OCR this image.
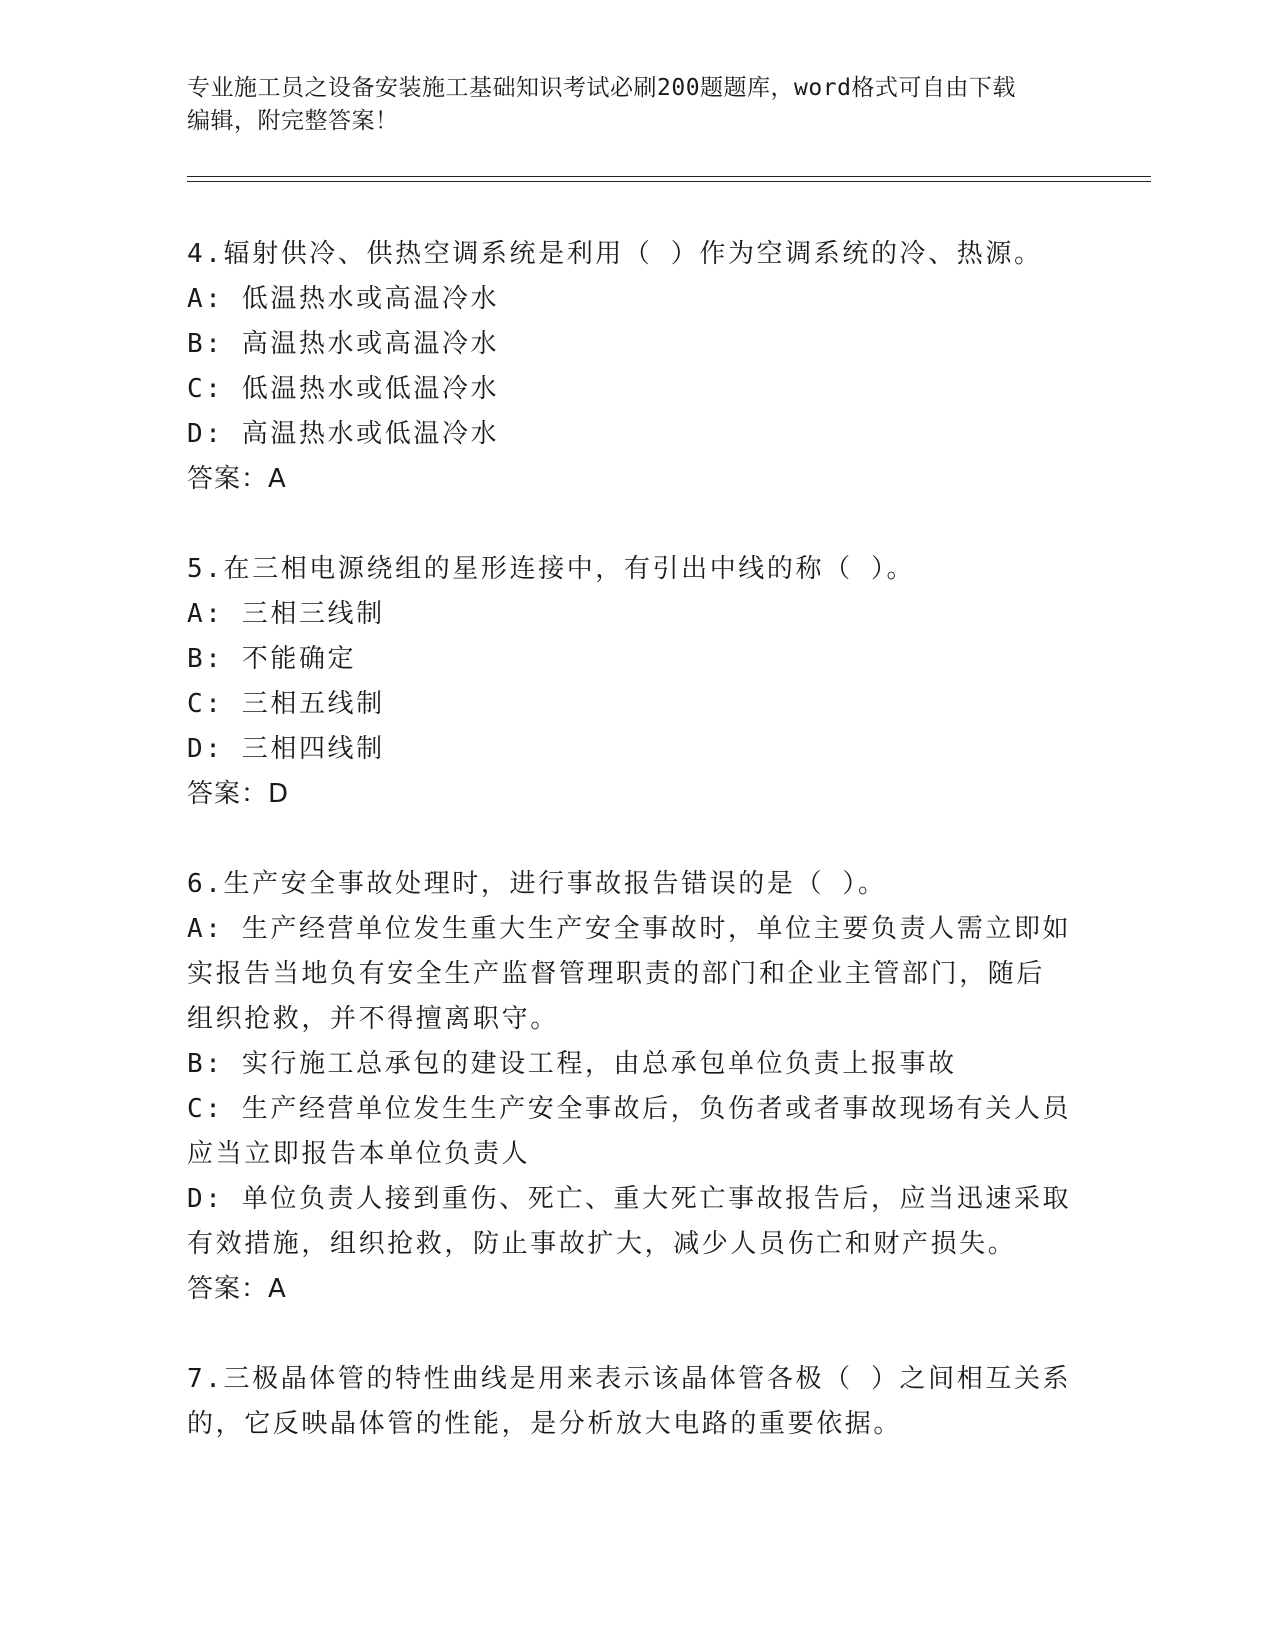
专业施工员之设备安装施工基础知识考试必刷200题题库，word格式可自由下载
编辑，附完整答案！
4.辐射供冷、供热空调系统是利用（ ）作为空调系统的冷、热源。
A: 低温热水或高温冷水
B: 高温热水或高温冷水
C: 低温热水或低温冷水
D: 高温热水或低温冷水
答案：A
5.在三相电源绕组的星形连接中，有引出中线的称（ ）。
A: 三相三线制
B: 不能确定
C: 三相五线制
D: 三相四线制
答案：D
6.生产安全事故处理时，进行事故报告错误的是（ ）。
A: 生产经营单位发生重大生产安全事故时，单位主要负责人需立即如
实报告当地负有安全生产监督管理职责的部门和企业主管部门，随后
组织抢救，并不得擅离职守。
B: 实行施工总承包的建设工程，由总承包单位负责上报事故
C: 生产经营单位发生生产安全事故后，负伤者或者事故现场有关人员
应当立即报告本单位负责人
D: 单位负责人接到重伤、死亡、重大死亡事故报告后，应当迅速采取
有效措施，组织抢救，防止事故扩大，减少人员伤亡和财产损失。
答案：A
7.三极晶体管的特性曲线是用来表示该晶体管各极（ ）之间相互关系
的，它反映晶体管的性能，是分析放大电路的重要依据。
